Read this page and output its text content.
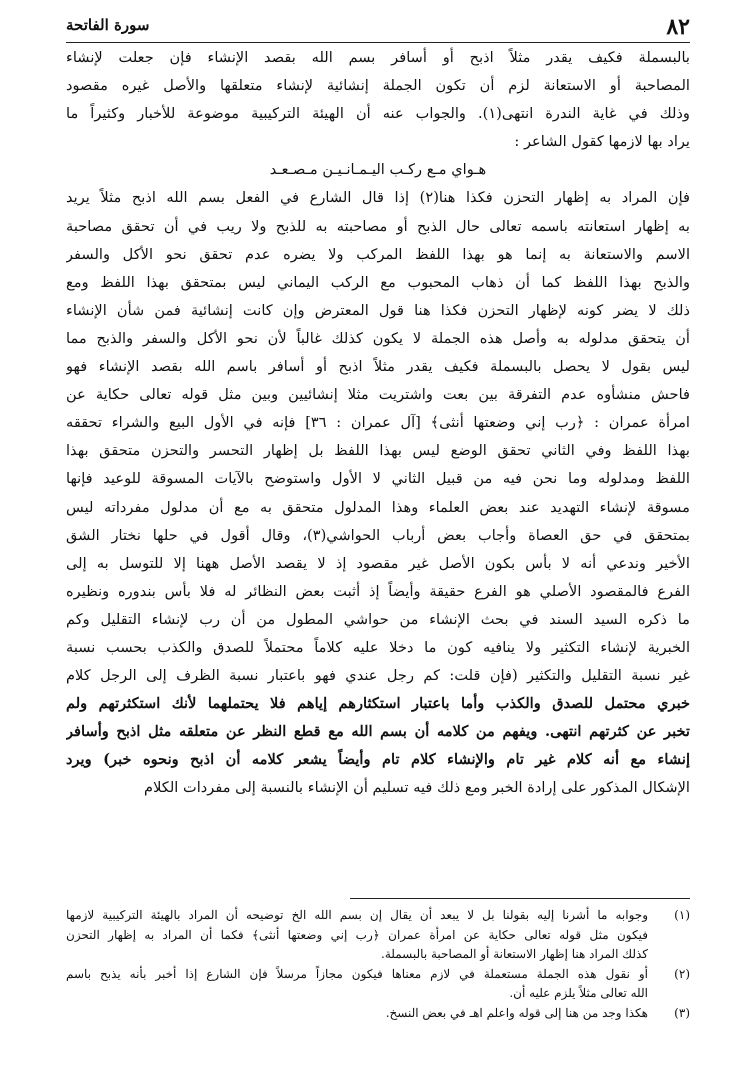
٨٢
سورة الفاتحة
بالبسملة فكيف يقدر مثلاً اذبح أو أسافر بسم الله بقصد الإنشاء فإن جعلت لإنشاء
المصاحبة أو الاستعانة لزم أن تكون الجملة إنشائية لإنشاء متعلقها والأصل غيره مقصود
وذلك في غاية الندرة انتهى(١). والجواب عنه أن الهيئة التركيبية موضوعة للأخبار وكثيراً ما
يراد بها لازمها كقول الشاعر :
هـواي مـع ركـب اليـمـانـيـن مـصـعـد
فإن المراد به إظهار التحزن فكذا هنا(٢) إذا قال الشارع في الفعل بسم الله اذبح مثلاً يريد
به إظهار استعانته باسمه تعالى حال الذبح أو مصاحبته به للذبح ولا ريب في أن تحقق مصاحبة
الاسم والاستعانة به إنما هو بهذا اللفظ المركب ولا يضره عدم تحقق نحو الأكل والسفر
والذبح بهذا اللفظ كما أن ذهاب المحبوب مع الركب اليماني ليس بمتحقق بهذا اللفظ ومع
ذلك لا يضر كونه لإظهار التحزن فكذا هنا قول المعترض وإن كانت إنشائية فمن شأن الإنشاء
أن يتحقق مدلوله به وأصل هذه الجملة لا يكون كذلك غالباً لأن نحو الأكل والسفر والذبح مما
ليس بقول لا يحصل بالبسملة فكيف يقدر مثلاً اذبح أو أسافر باسم الله بقصد الإنشاء فهو
فاحش منشأوه عدم التفرقة بين بعت واشتريت مثلا إنشائيين وبين مثل قوله تعالى حكاية عن
امرأة عمران : ﴿رب إني وضعتها أنثى﴾ [آل عمران : ٣٦] فإنه في الأول البيع والشراء تحققه
بهذا اللفظ وفي الثاني تحقق الوضع ليس بهذا اللفظ بل إظهار التحسر والتحزن متحقق بهذا
اللفظ ومدلوله وما نحن فيه من قبيل الثاني لا الأول واستوضح بالآيات المسوقة للوعيد فإنها
مسوقة لإنشاء التهديد عند بعض العلماء وهذا المدلول متحقق به مع أن مدلول مفرداته ليس
بمتحقق في حق العصاة وأجاب بعض أرباب الحواشي(٣)، وقال أقول في حلها نختار الشق
الأخير وندعي أنه لا بأس بكون الأصل غير مقصود إذ لا يقصد الأصل ههنا إلا للتوسل به إلى
الفرع فالمقصود الأصلي هو الفرع حقيقة وأيضاً إذ أثبت بعض النظائر له فلا بأس بندوره ونظيره
ما ذكره السيد السند في بحث الإنشاء من حواشي المطول من أن رب لإنشاء التقليل وكم
الخبرية لإنشاء التكثير ولا ينافيه كون ما دخلا عليه كلاماً محتملاً للصدق والكذب بحسب نسبة
غير نسبة التقليل والتكثير (فإن قلت: كم رجل عندي فهو باعتبار نسبة الظرف إلى الرجل كلام
خبري محتمل للصدق والكذب وأما باعتبار استكثارهم إياهم فلا يحتملهما لأنك استكثرتهم ولم
تخبر عن كثرتهم انتهى. ويفهم من كلامه أن بسم الله مع قطع النظر عن متعلقه مثل اذبح وأسافر
إنشاء مع أنه كلام غير تام والإنشاء كلام تام وأيضاً يشعر كلامه أن اذبح ونحوه خبر) ويرد
الإشكال المذكور على إرادة الخبر ومع ذلك فيه تسليم أن الإنشاء بالنسبة إلى مفردات الكلام
(١)
وجوابه ما أشرنا إليه بقولنا بل لا يبعد أن يقال إن بسم الله الخ توضيحه أن المراد بالهيئة التركيبية لازمها
فيكون مثل قوله تعالى حكاية عن امرأة عمران ﴿رب إني وضعتها أنثى﴾ فكما أن المراد به إظهار التحزن
كذلك المراد هنا إظهار الاستعانة أو المصاحبة بالبسملة.
(٢)
أو نقول هذه الجملة مستعملة في لازم معناها فيكون مجازاً مرسلاً فإن الشارع إذا أخبر بأنه يذبح باسم
الله تعالى مثلاً يلزم عليه أن.
(٣)
هكذا وجد من هنا إلى قوله واعلم اهـ في بعض النسخ.
